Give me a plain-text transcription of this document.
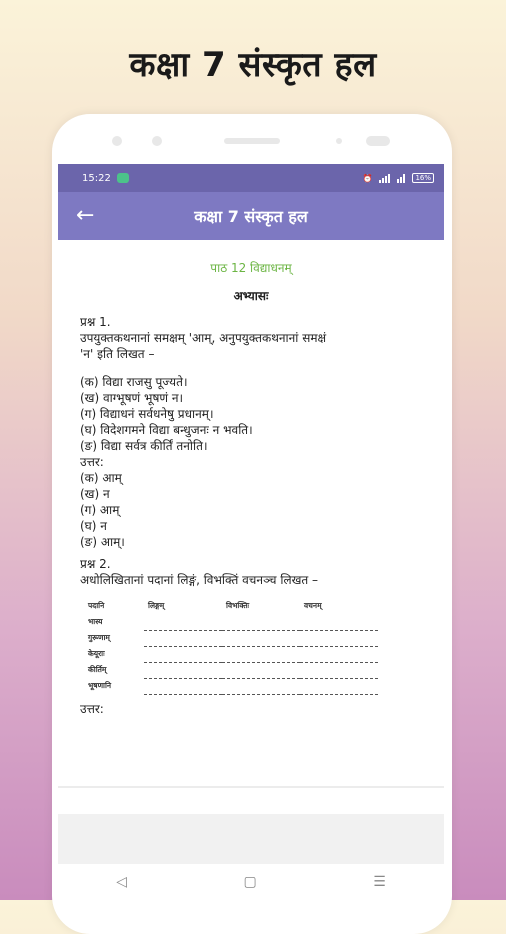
कक्षा 7 संस्कृत हल
15:22	⏰	16%
←	कक्षा 7 संस्कृत हल
पाठ 12 विद्याधनम्
अभ्यासः
प्रश्न 1.
उपयुक्तकथनानां समक्षम् 'आम्, अनुपयुक्तकथनानां समक्षं
'न' इति लिखत –
(क) विद्या राजसु पूज्यते।
(ख) वाग्भूषणं भूषणं न।
(ग) विद्याधनं सर्वधनेषु प्रधानम्।
(घ) विदेशगमने विद्या बन्धुजनः न भवति।
(ङ) विद्या सर्वत्र कीर्तिं तनोति।
उत्तर:
(क) आम्
(ख) न
(ग) आम्
(घ) न
(ङ) आम्।
प्रश्न 2.
अधोलिखितानां पदानां लिङ्गं, विभक्तिं वचनञ्च लिखत –
पदानि	लिङ्गम्	विभक्तिः	वचनम्
भास्य			
गुरूणाम्			
केयूराः			
कीर्तिम्			
भूषणानि			
उत्तर:
◁	▢	☰
